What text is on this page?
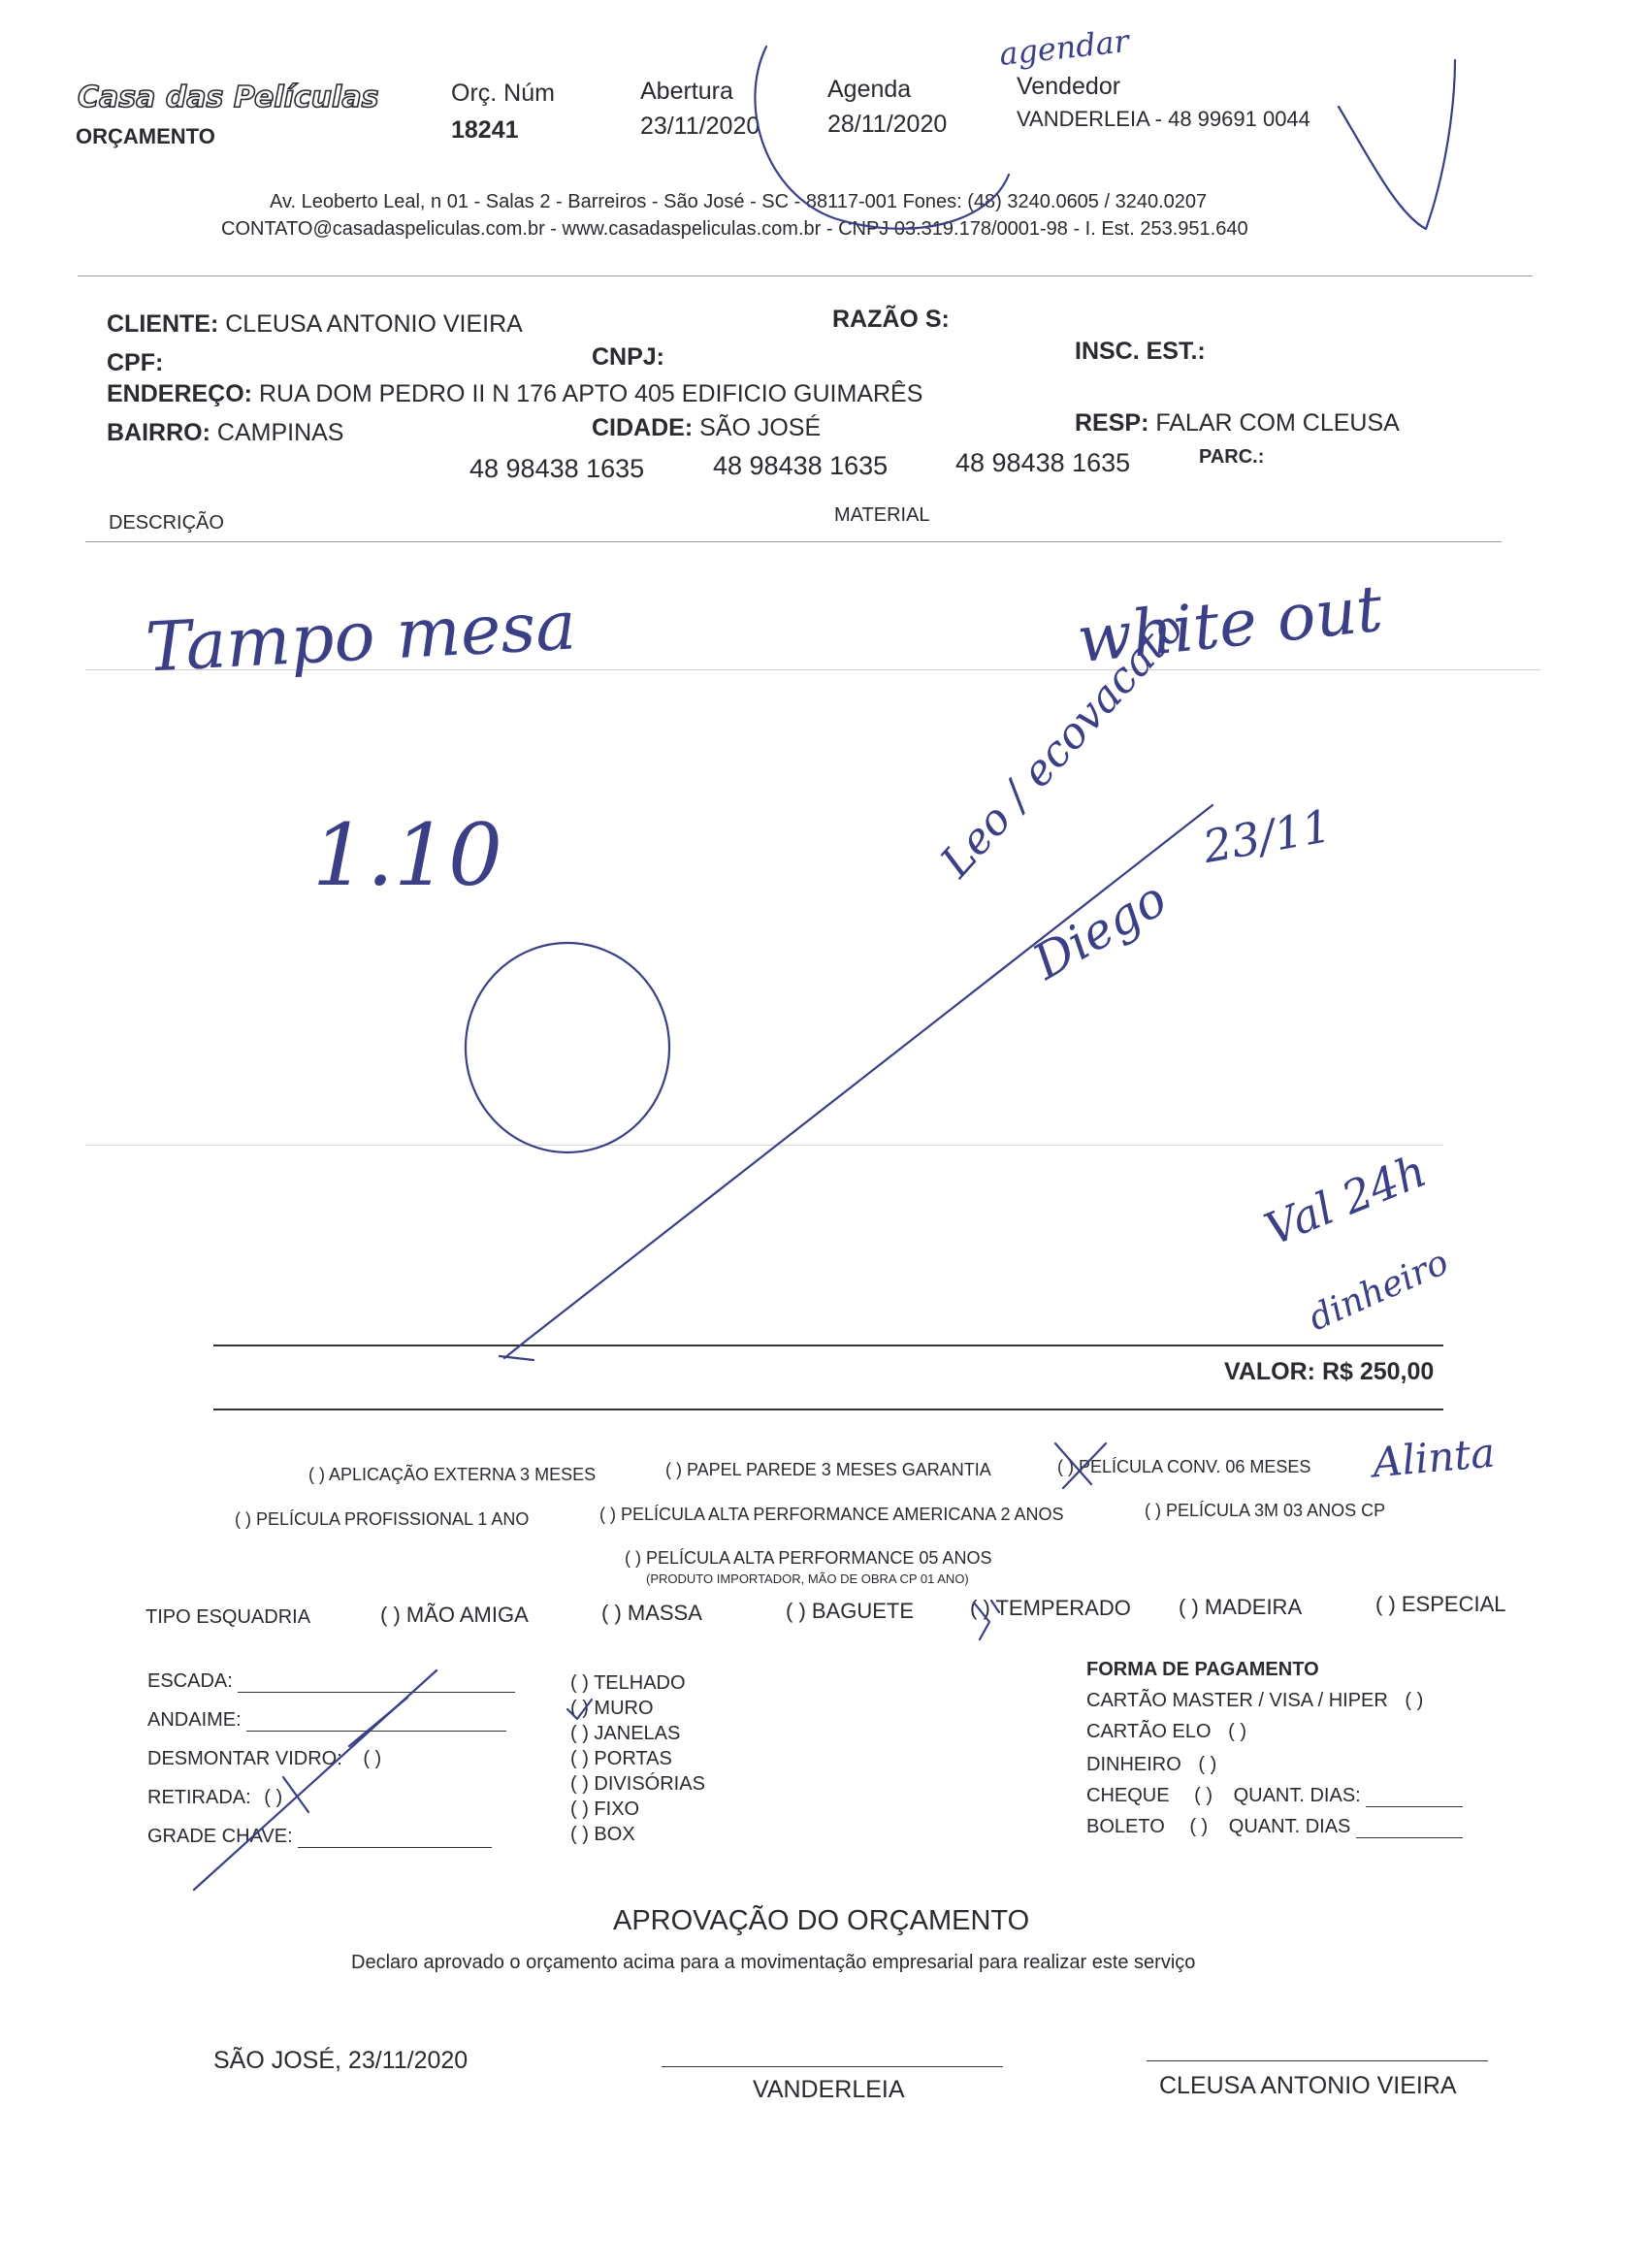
Casa das Películas
ORÇAMENTO
Orç. Núm
18241
Abertura
23/11/2020
Agenda
28/11/2020
Vendedor
VANDERLEIA - 48 99691 0044
Av. Leoberto Leal, n 01 - Salas 2 - Barreiros - São José - SC - 88117-001 Fones: (48) 3240.0605 / 3240.0207
CONTATO@casadaspeliculas.com.br - www.casadaspeliculas.com.br - CNPJ 03.319.178/0001-98 - I. Est. 253.951.640
CLIENTE: CLEUSA ANTONIO VIEIRA	RAZÃO S:
CPF:	CNPJ:	INSC. EST.:
ENDEREÇO: RUA DOM PEDRO II N 176 APTO 405 EDIFICIO GUIMARÊS
BAIRRO: CAMPINAS	CIDADE: SÃO JOSÉ	RESP: FALAR COM CLEUSA
48 98438 1635	48 98438 1635	48 98438 1635	PARC.:
DESCRIÇÃO	MATERIAL
VALOR: R$ 250,00
( ) APLICAÇÃO EXTERNA 3 MESES	( ) PAPEL PAREDE 3 MESES GARANTIA	( ) PELÍCULA CONV. 06 MESES
( ) PELÍCULA PROFISSIONAL 1 ANO	( ) PELÍCULA ALTA PERFORMANCE AMERICANA 2 ANOS	( ) PELÍCULA 3M 03 ANOS CP
( ) PELÍCULA ALTA PERFORMANCE 05 ANOS
(PRODUTO IMPORTADOR, MÃO DE OBRA CP 01 ANO)
TIPO ESQUADRIA	( ) MÃO AMIGA	( ) MASSA	( ) BAGUETE	( ) TEMPERADO ( ) MADEIRA	( ) ESPECIAL
ESCADA:
ANDAIME:
DESMONTAR VIDRO: ( )
RETIRADA: ( )
GRADE CHAVE:
( ) TELHADO
( ) MURO
( ) JANELAS
( ) PORTAS
( ) DIVISÓRIAS
( ) FIXO
( ) BOX
FORMA DE PAGAMENTO
CARTÃO MASTER / VISA / HIPER ( )
CARTÃO ELO ( )
DINHEIRO ( )
CHEQUE ( ) QUANT. DIAS:
BOLETO ( ) QUANT. DIAS
APROVAÇÃO DO ORÇAMENTO
Declaro aprovado o orçamento acima para a movimentação empresarial para realizar este serviço
SÃO JOSÉ, 23/11/2020
VANDERLEIA	CLEUSA ANTONIO VIEIRA
agendar
Tampo mesa	white out
1.10	Leo / ecovacato
Diego
23/11
Val 24h
dinheiro
Alinta
